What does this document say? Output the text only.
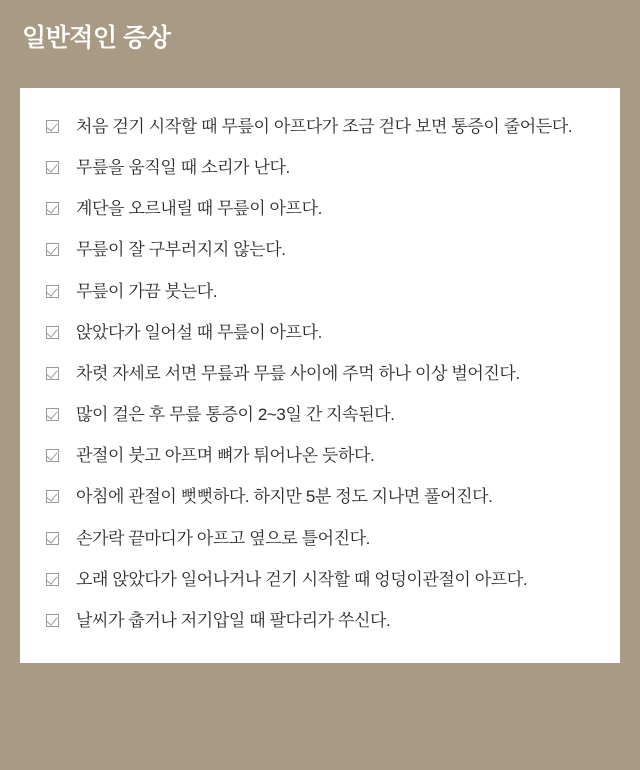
일반적인 증상
처음 걷기 시작할 때 무릎이 아프다가 조금 걷다 보면 통증이 줄어든다.
무릎을 움직일 때 소리가 난다.
계단을 오르내릴 때 무릎이 아프다.
무릎이 잘 구부러지지 않는다.
무릎이 가끔 붓는다.
앉았다가 일어설 때 무릎이 아프다.
차렷 자세로 서면 무릎과 무릎 사이에 주먹 하나 이상 벌어진다.
많이 걸은 후 무릎 통증이 2~3일 간 지속된다.
관절이 붓고 아프며 뼈가 튀어나온 듯하다.
아침에 관절이 뻣뻣하다. 하지만 5분 정도 지나면 풀어진다.
손가락 끝마디가 아프고 옆으로 틀어진다.
오래 앉았다가 일어나거나 걷기 시작할 때 엉덩이관절이 아프다.
날씨가 춥거나 저기압일 때 팔다리가 쑤신다.
